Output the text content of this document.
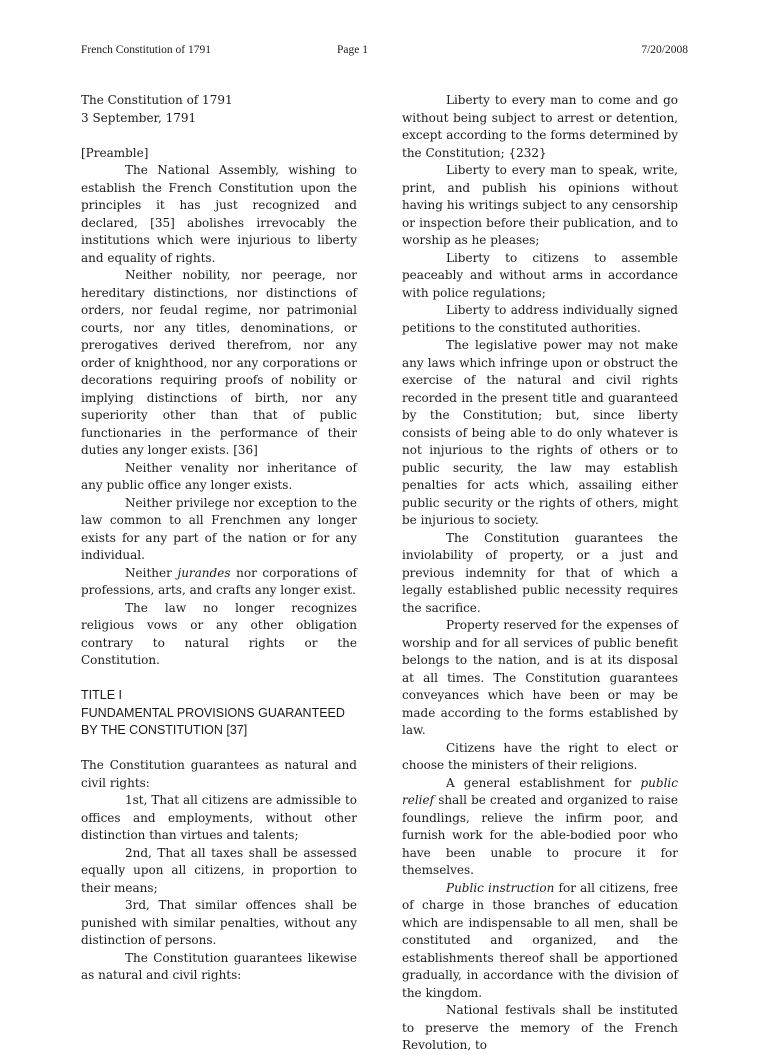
French Constitution of 1791	Page 1	7/20/2008

The Constitution of 1791

3 September, 1791

[Preamble]

The National Assembly, wishing to establish the French Constitution upon the principles it has just recognized and declared, [35] abolishes irrevocably the institutions which were injurious to liberty and equality of rights.

Neither nobility, nor peerage, nor hereditary distinctions, nor distinctions of orders, nor feudal regime, nor patrimonial courts, nor any titles, denominations, or prerogatives derived therefrom, nor any order of knighthood, nor any corporations or decorations requiring proofs of nobility or implying distinctions of birth, nor any superiority other than that of public functionaries in the performance of their duties any longer exists. [36]

Neither venality nor inheritance of any public office any longer exists.

Neither privilege nor exception to the law common to all Frenchmen any longer exists for any part of the nation or for any individual.

Neither jurandes nor corporations of professions, arts, and crafts any longer exist.

The law no longer recognizes religious vows or any other obligation contrary to natural rights or the Constitution.

TITLE I

FUNDAMENTAL PROVISIONS GUARANTEED BY THE CONSTITUTION [37]

The Constitution guarantees as natural and civil rights:

1st, That all citizens are admissible to offices and employments, without other distinction than virtues and talents;

2nd, That all taxes shall be assessed equally upon all citizens, in proportion to their means;

3rd, That similar offences shall be punished with similar penalties, without any distinction of persons.

The Constitution guarantees likewise as natural and civil rights:

Liberty to every man to come and go without being subject to arrest or detention, except according to the forms determined by the Constitution; {232}

Liberty to every man to speak, write, print, and publish his opinions without having his writings subject to any censorship or inspection before their publication, and to worship as he pleases;

Liberty to citizens to assemble peaceably and without arms in accordance with police regulations;

Liberty to address individually signed petitions to the constituted authorities.

The legislative power may not make any laws which infringe upon or obstruct the exercise of the natural and civil rights recorded in the present title and guaranteed by the Constitution; but, since liberty consists of being able to do only whatever is not injurious to the rights of others or to public security, the law may establish penalties for acts which, assailing either public security or the rights of others, might be injurious to society.

The Constitution guarantees the inviolability of property, or a just and previous indemnity for that of which a legally established public necessity requires the sacrifice.

Property reserved for the expenses of worship and for all services of public benefit belongs to the nation, and is at its disposal at all times. The Constitution guarantees conveyances which have been or may be made according to the forms established by law.

Citizens have the right to elect or choose the ministers of their religions.

A general establishment for public relief shall be created and organized to raise foundlings, relieve the infirm poor, and furnish work for the able-bodied poor who have been unable to procure it for themselves.

Public instruction for all citizens, free of charge in those branches of education which are indispensable to all men, shall be constituted and organized, and the establishments thereof shall be apportioned gradually, in accordance with the division of the kingdom.

National festivals shall be instituted to preserve the memory of the French Revolution, to
